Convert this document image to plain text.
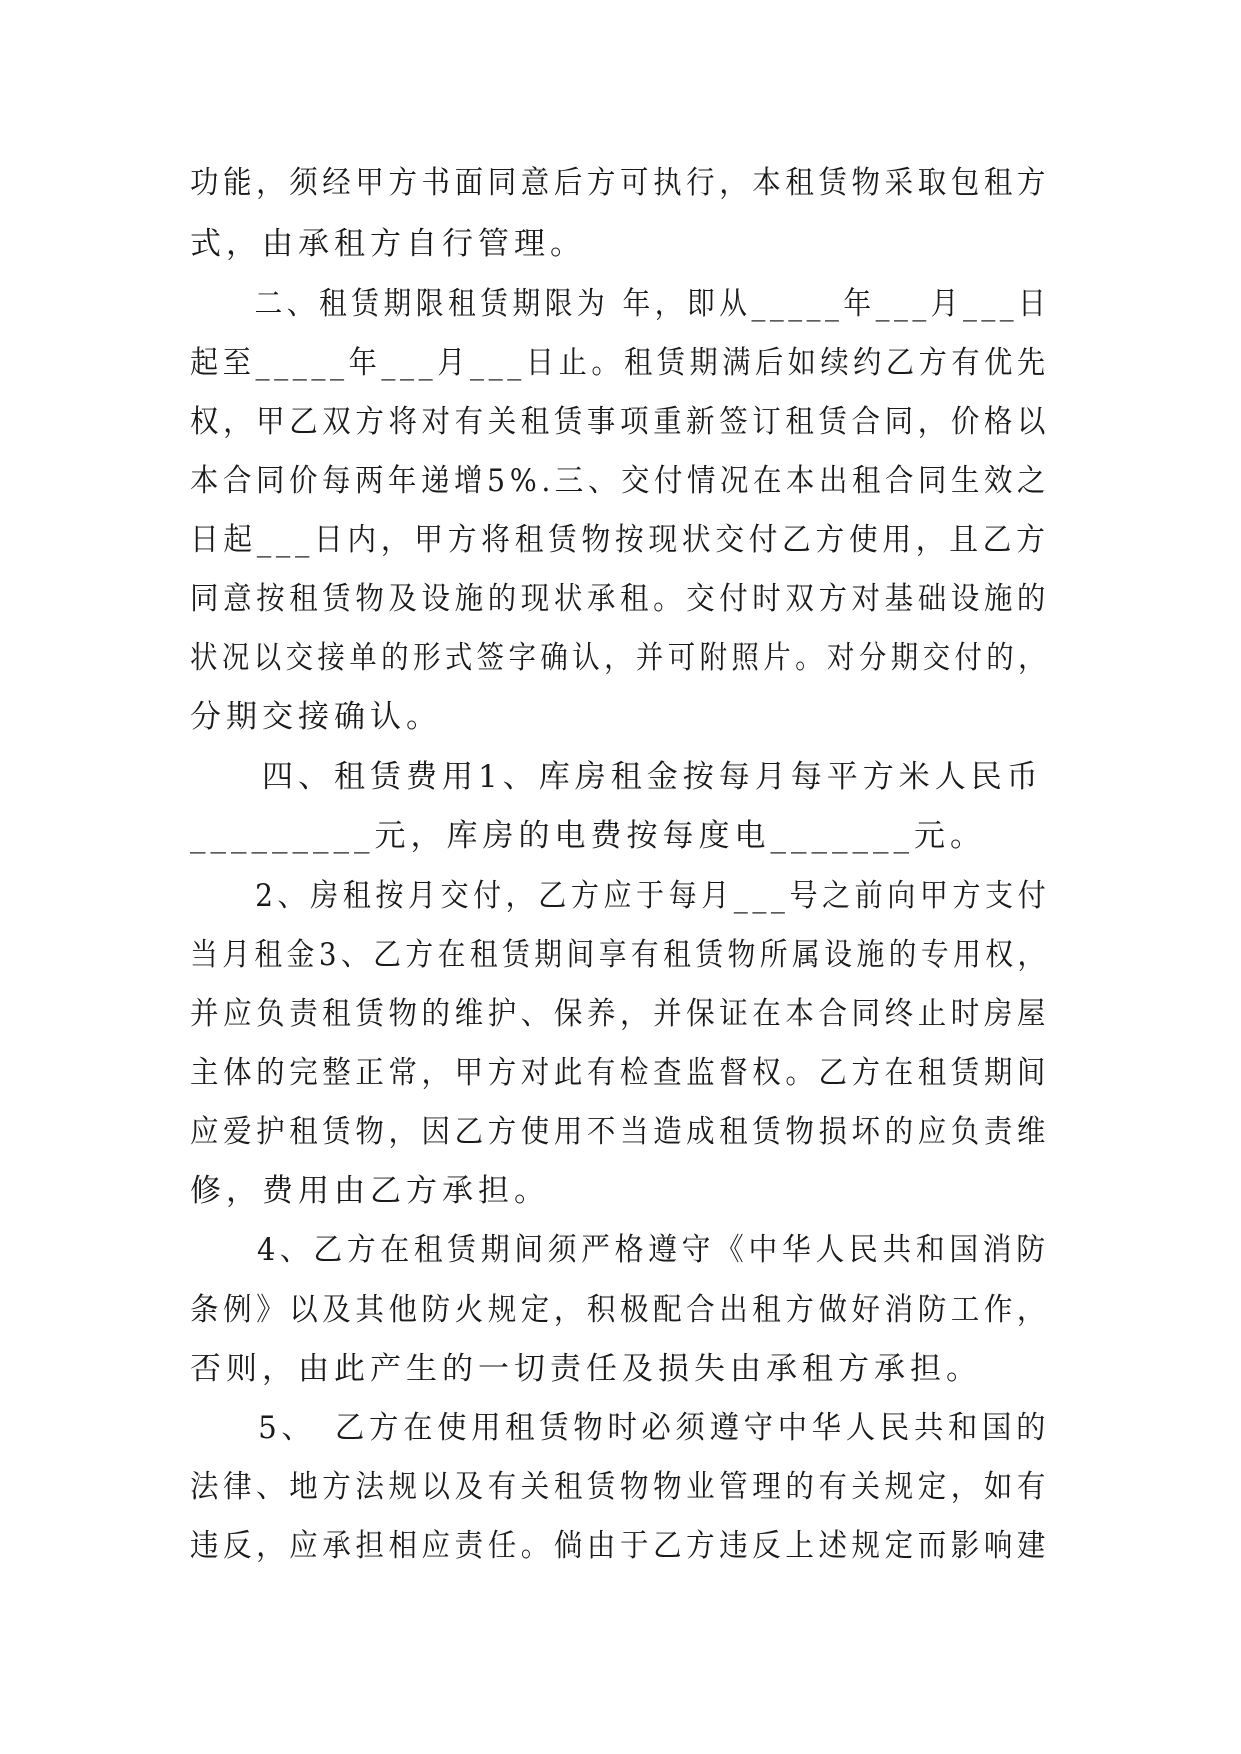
功能，须经甲方书面同意后方可执行，本租赁物采取包租方
式，由承租方自行管理。
　　二、租赁期限租赁期限为 年，即从_____年___月___日
起至_____年___月___日止。租赁期满后如续约乙方有优先
权，甲乙双方将对有关租赁事项重新签订租赁合同，价格以
本合同价每两年递增5%.三、交付情况在本出租合同生效之
日起___日内，甲方将租赁物按现状交付乙方使用，且乙方
同意按租赁物及设施的现状承租。交付时双方对基础设施的
状况以交接单的形式签字确认，并可附照片。对分期交付的，
分期交接确认。
　　四、租赁费用1、库房租金按每月每平方米人民币
_________元，库房的电费按每度电_______元。
　　2、房租按月交付，乙方应于每月___号之前向甲方支付
当月租金3、乙方在租赁期间享有租赁物所属设施的专用权，
并应负责租赁物的维护、保养，并保证在本合同终止时房屋
主体的完整正常，甲方对此有检查监督权。乙方在租赁期间
应爱护租赁物，因乙方使用不当造成租赁物损坏的应负责维
修，费用由乙方承担。
　　4、乙方在租赁期间须严格遵守《中华人民共和国消防
条例》以及其他防火规定，积极配合出租方做好消防工作，
否则，由此产生的一切责任及损失由承租方承担。
　　5、　乙方在使用租赁物时必须遵守中华人民共和国的
法律、地方法规以及有关租赁物物业管理的有关规定，如有
违反，应承担相应责任。倘由于乙方违反上述规定而影响建
